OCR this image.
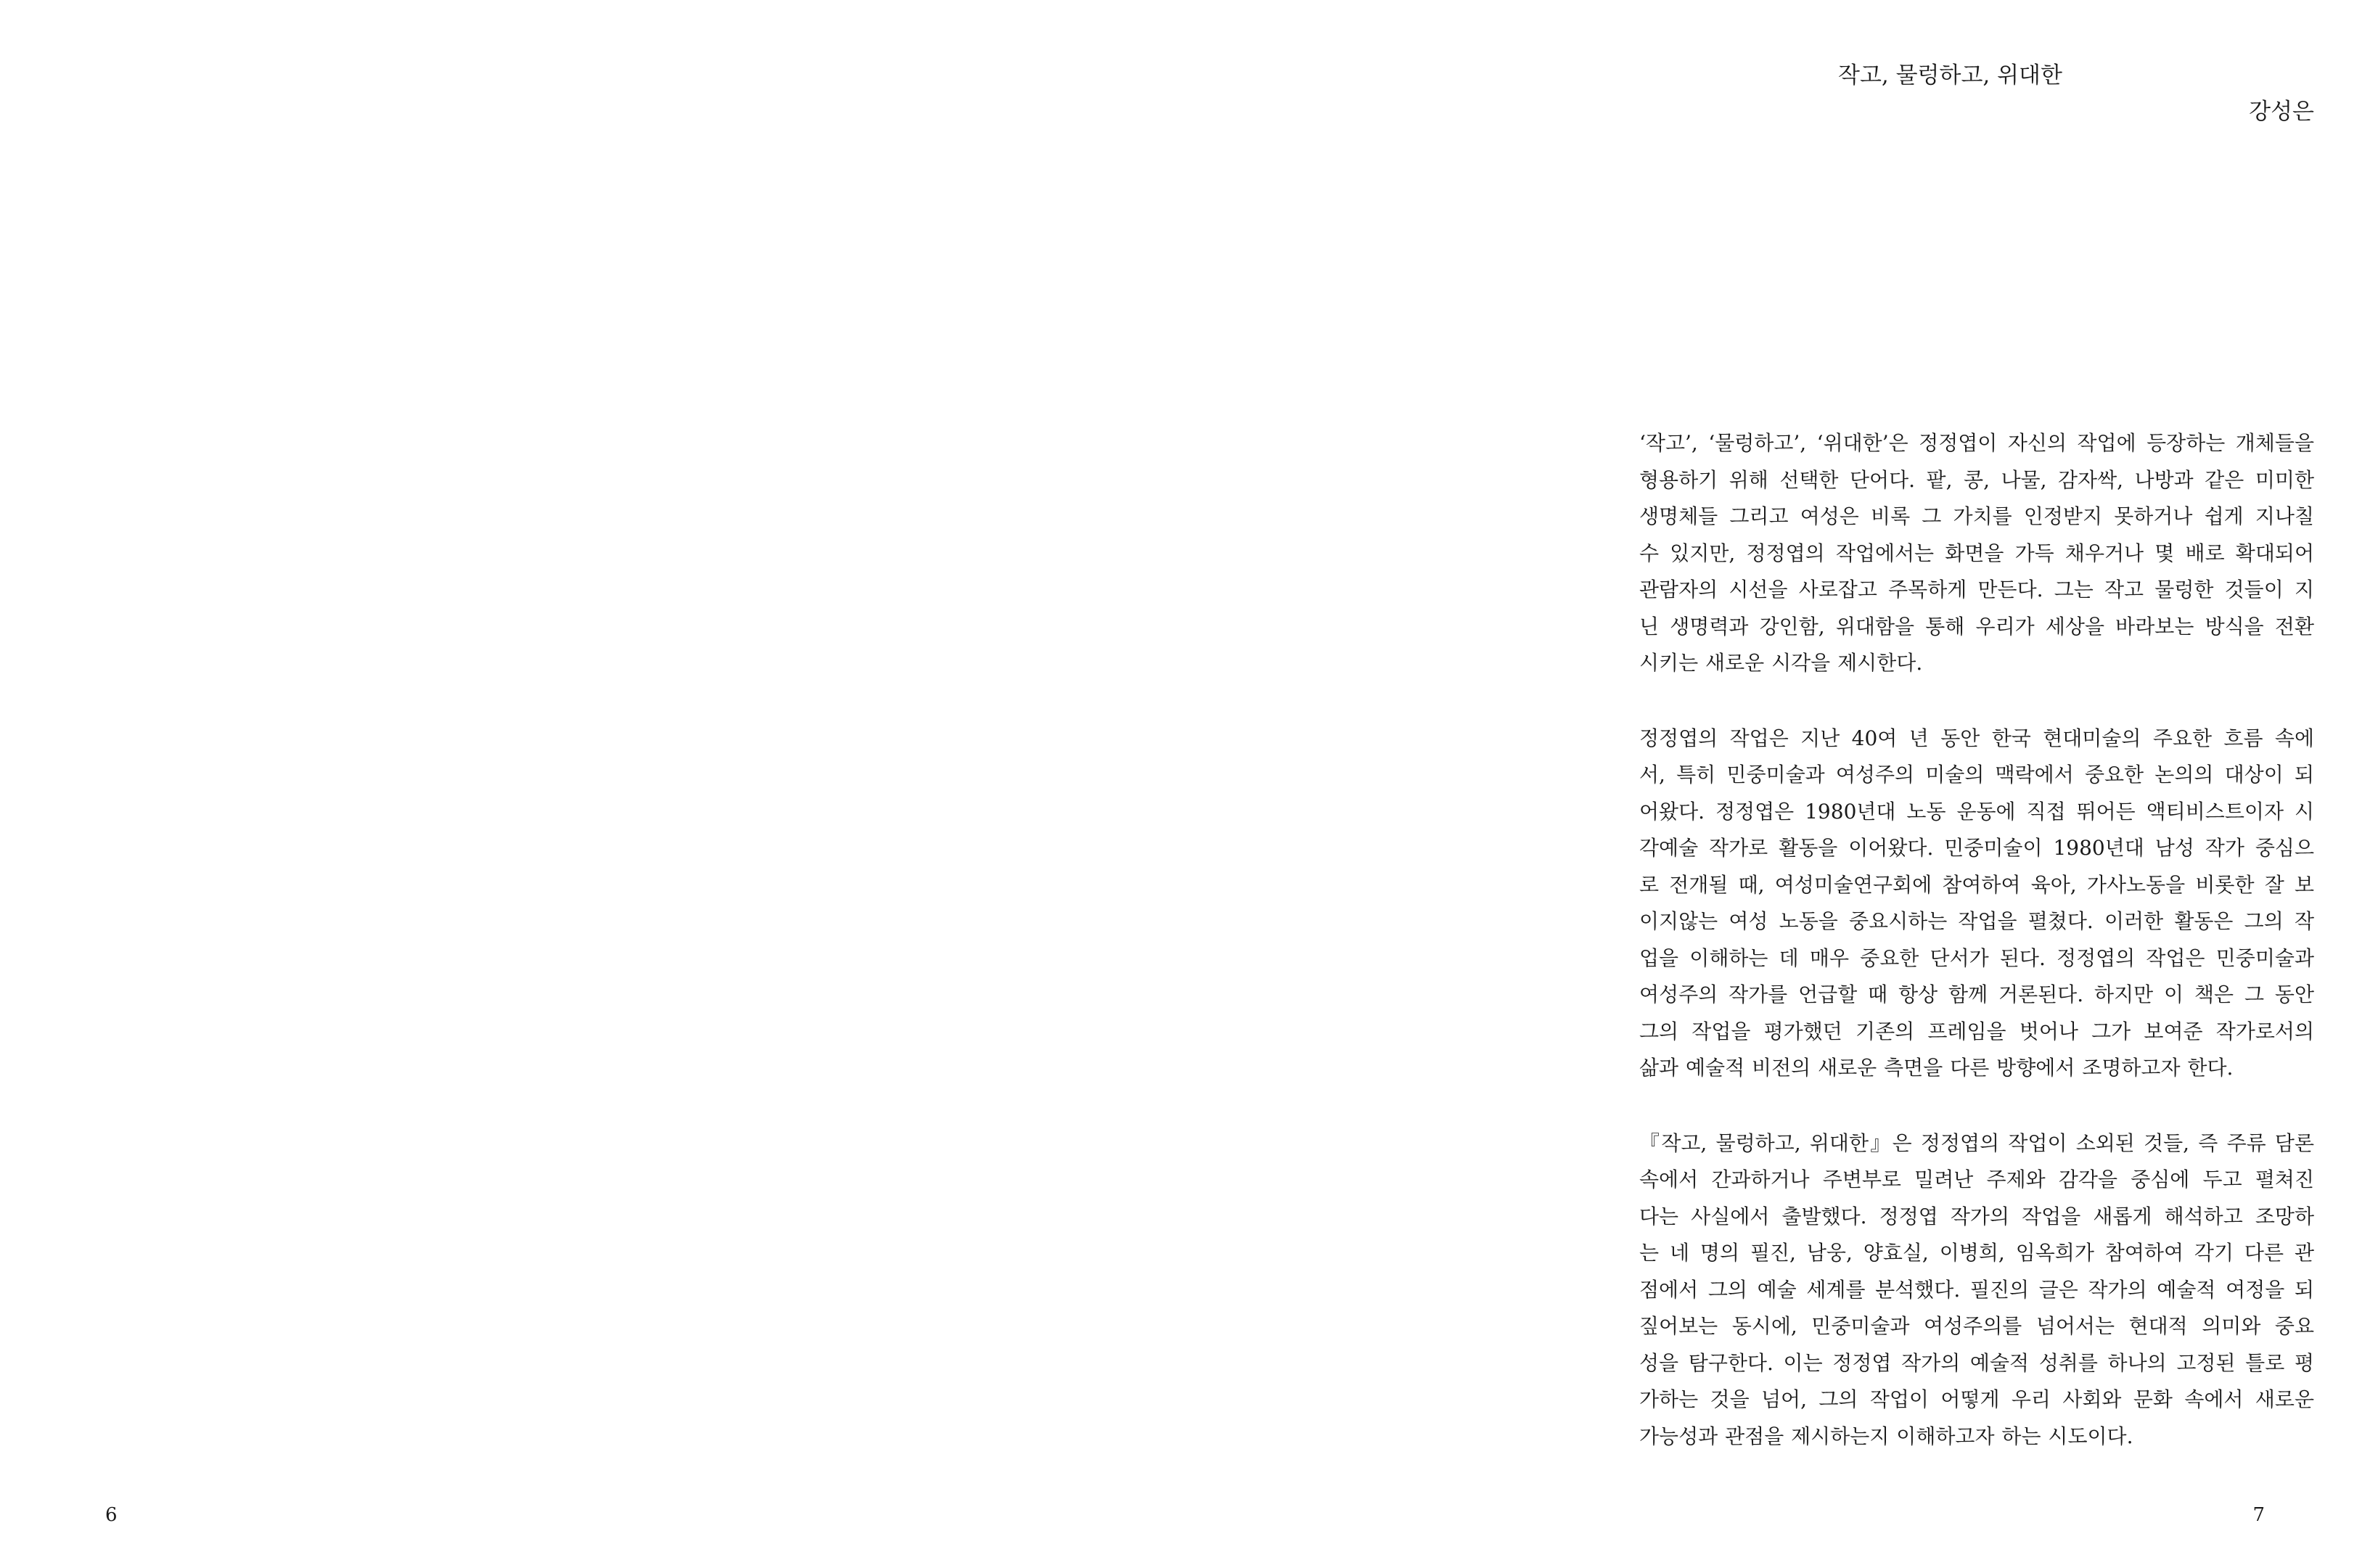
6
작고, 물렁하고, 위대한
강성은
‘작고’, ‘물렁하고’, ‘위대한’은 정정엽이 자신의 작업에 등장하는 개체들을
형용하기 위해 선택한 단어다. 팥, 콩, 나물, 감자싹, 나방과 같은 미미한
생명체들 그리고 여성은 비록 그 가치를 인정받지 못하거나 쉽게 지나칠
수 있지만, 정정엽의 작업에서는 화면을 가득 채우거나 몇 배로 확대되어
관람자의 시선을 사로잡고 주목하게 만든다. 그는 작고 물렁한 것들이 지
닌 생명력과 강인함, 위대함을 통해 우리가 세상을 바라보는 방식을 전환
시키는 새로운 시각을 제시한다.
정정엽의 작업은 지난 40여 년 동안 한국 현대미술의 주요한 흐름 속에
서, 특히 민중미술과 여성주의 미술의 맥락에서 중요한 논의의 대상이 되
어왔다. 정정엽은 1980년대 노동 운동에 직접 뛰어든 액티비스트이자 시
각예술 작가로 활동을 이어왔다. 민중미술이 1980년대 남성 작가 중심으
로 전개될 때, 여성미술연구회에 참여하여 육아, 가사노동을 비롯한 잘 보
이지않는 여성 노동을 중요시하는 작업을 펼쳤다. 이러한 활동은 그의 작
업을 이해하는 데 매우 중요한 단서가 된다. 정정엽의 작업은 민중미술과
여성주의 작가를 언급할 때 항상 함께 거론된다. 하지만 이 책은 그 동안
그의 작업을 평가했던 기존의 프레임을 벗어나 그가 보여준 작가로서의
삶과 예술적 비전의 새로운 측면을 다른 방향에서 조명하고자 한다.
『작고, 물렁하고, 위대한』은 정정엽의 작업이 소외된 것들, 즉 주류 담론
속에서 간과하거나 주변부로 밀려난 주제와 감각을 중심에 두고 펼쳐진
다는 사실에서 출발했다. 정정엽 작가의 작업을 새롭게 해석하고 조망하
는 네 명의 필진, 남웅, 양효실, 이병희, 임옥희가 참여하여 각기 다른 관
점에서 그의 예술 세계를 분석했다. 필진의 글은 작가의 예술적 여정을 되
짚어보는 동시에, 민중미술과 여성주의를 넘어서는 현대적 의미와 중요
성을 탐구한다. 이는 정정엽 작가의 예술적 성취를 하나의 고정된 틀로 평
가하는 것을 넘어, 그의 작업이 어떻게 우리 사회와 문화 속에서 새로운
가능성과 관점을 제시하는지 이해하고자 하는 시도이다.
7
